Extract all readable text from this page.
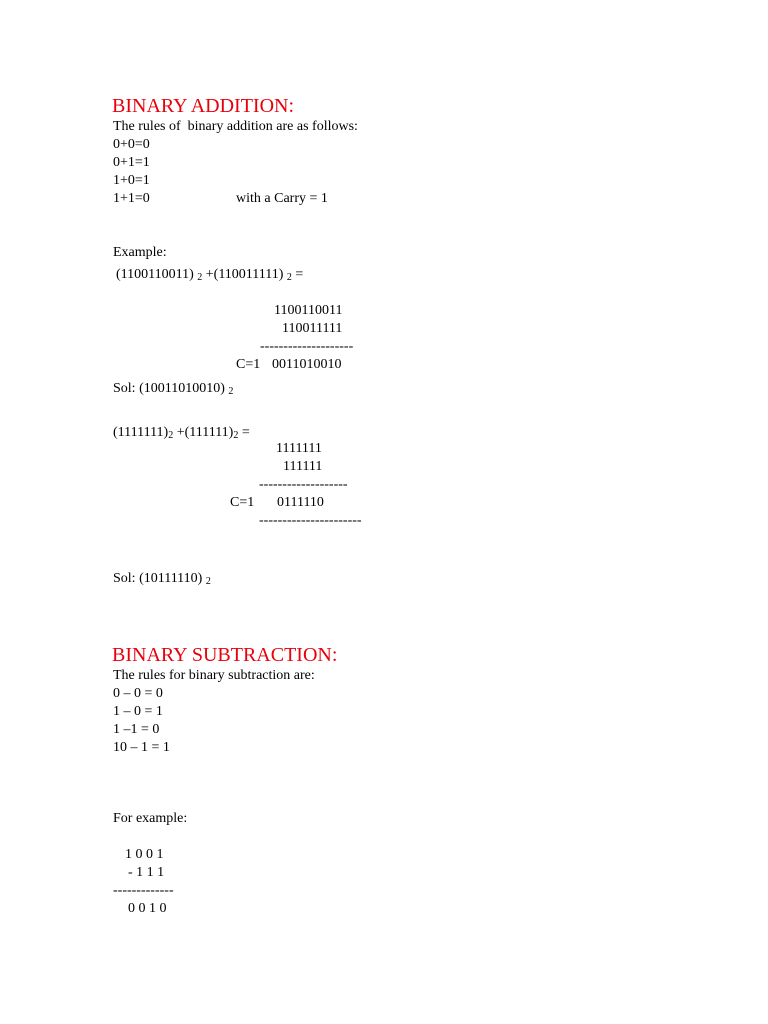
BINARY ADDITION:
The rules of  binary addition are as follows:
0+0=0
0+1=1
1+0=1
1+1=0	with a Carry = 1
Example:
(1100110011) $_2$ +(110011111) $_2$ =
1100110011
110011111
--------------------
C=1 0011010010
Sol: (10011010010) $_2$
$(1111111)_2 +(111111)_2$ =
1111111
111111
-------------------
C=1 0111110
----------------------
Sol: (10111110) $_2$
BINARY SUBTRACTION:
The rules for binary subtraction are:
0 – 0 = 0
1 – 0 = 1
1 –1 = 0
10 – 1 = 1
For example:
1 0 0 1
- 1 1 1
-------------
0 0 1 0
